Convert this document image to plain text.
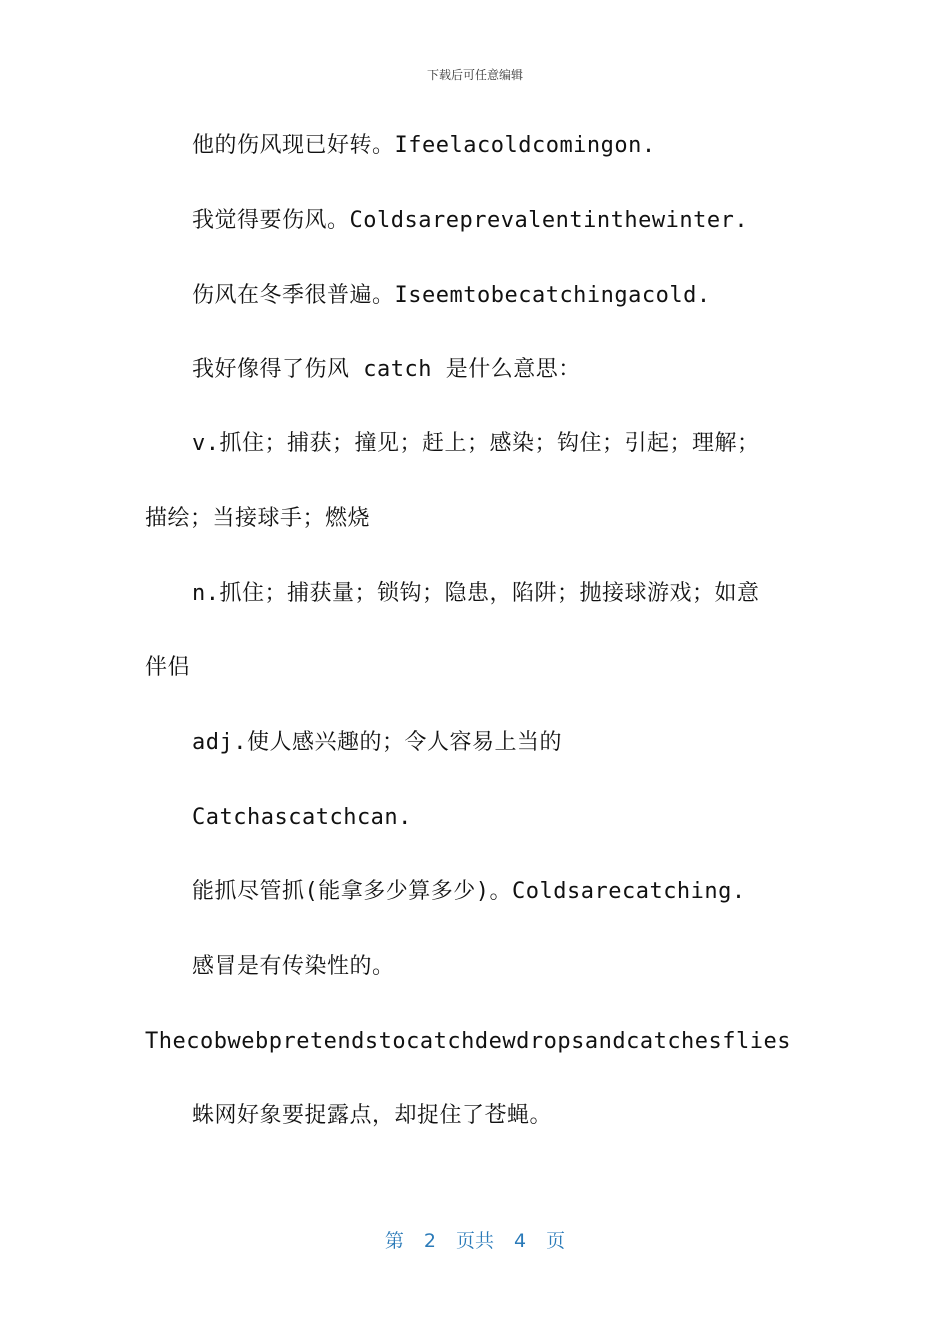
下载后可任意编辑
他的伤风现已好转。Ifeelacoldcomingon.
我觉得要伤风。Coldsareprevalentinthewinter.
伤风在冬季很普遍。Iseemtobecatchingacold.
我好像得了伤风 catch 是什么意思：
v.抓住；捕获；撞见；赶上；感染；钩住；引起；理解；
描绘；当接球手；燃烧
n.抓住；捕获量；锁钩；隐患，陷阱；抛接球游戏；如意
伴侣
adj.使人感兴趣的；令人容易上当的
Catchascatchcan.
能抓尽管抓(能拿多少算多少)。Coldsarecatching.
感冒是有传染性的。
Thecobwebpretendstocatchdewdropsandcatchesflies
蛛网好象要捉露点，却捉住了苍蝇。
第 2 页共 4 页
